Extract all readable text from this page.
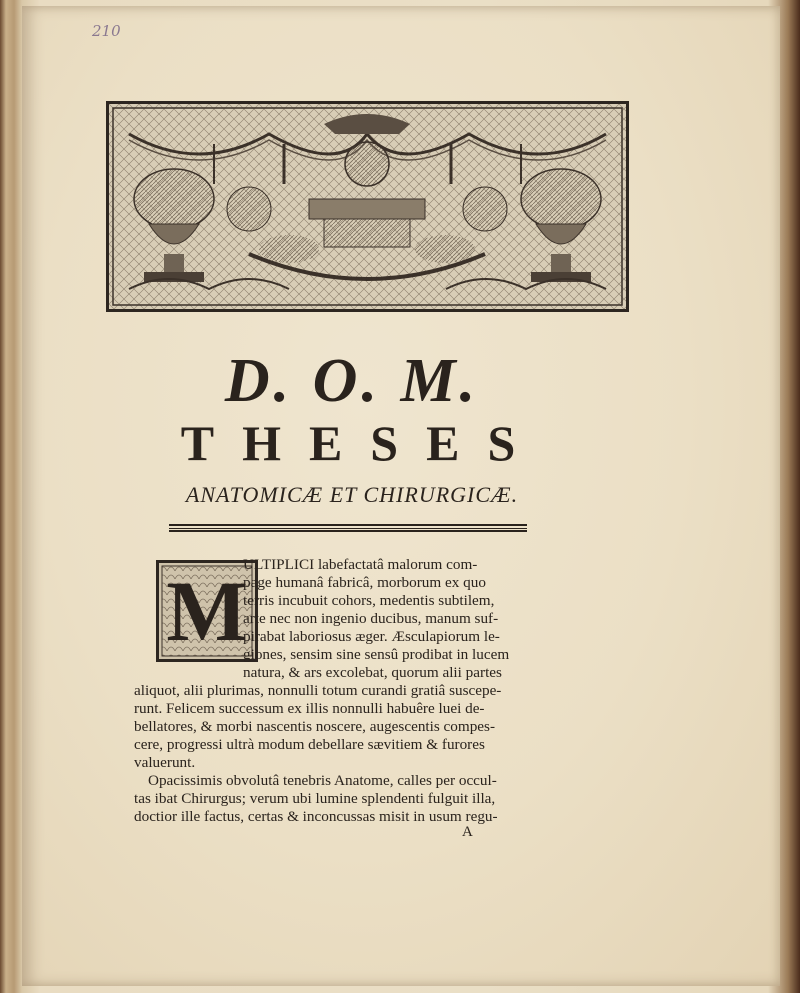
210
D. O. M.
THESES
ANATOMICÆ ET CHIRURGICÆ.
M
ULTIPLICI labefactatâ malorum com-
page humanâ fabricâ, morborum ex quo
terris incubuit cohors, medentis subtilem,
arte nec non ingenio ducibus, manum suf-
pirabat laboriosus æger. Æsculapiorum le-
giones, sensim sine sensû prodibat in lucem
natura, & ars excolebat, quorum alii partes
aliquot, alii plurimas, nonnulli totum curandi gratiâ suscepe-
runt. Felicem successum ex illis nonnulli habuêre luei de-
bellatores, & morbi nascentis noscere, augescentis compes-
cere, progressi ultrà modum debellare sævitiem & furores
valuerunt.
Opacissimis obvolutâ tenebris Anatome, calles per occul-
tas ibat Chirurgus; verum ubi lumine splendenti fulguit illa,
doctior ille factus, certas & inconcussas misit in usum regu-
A
